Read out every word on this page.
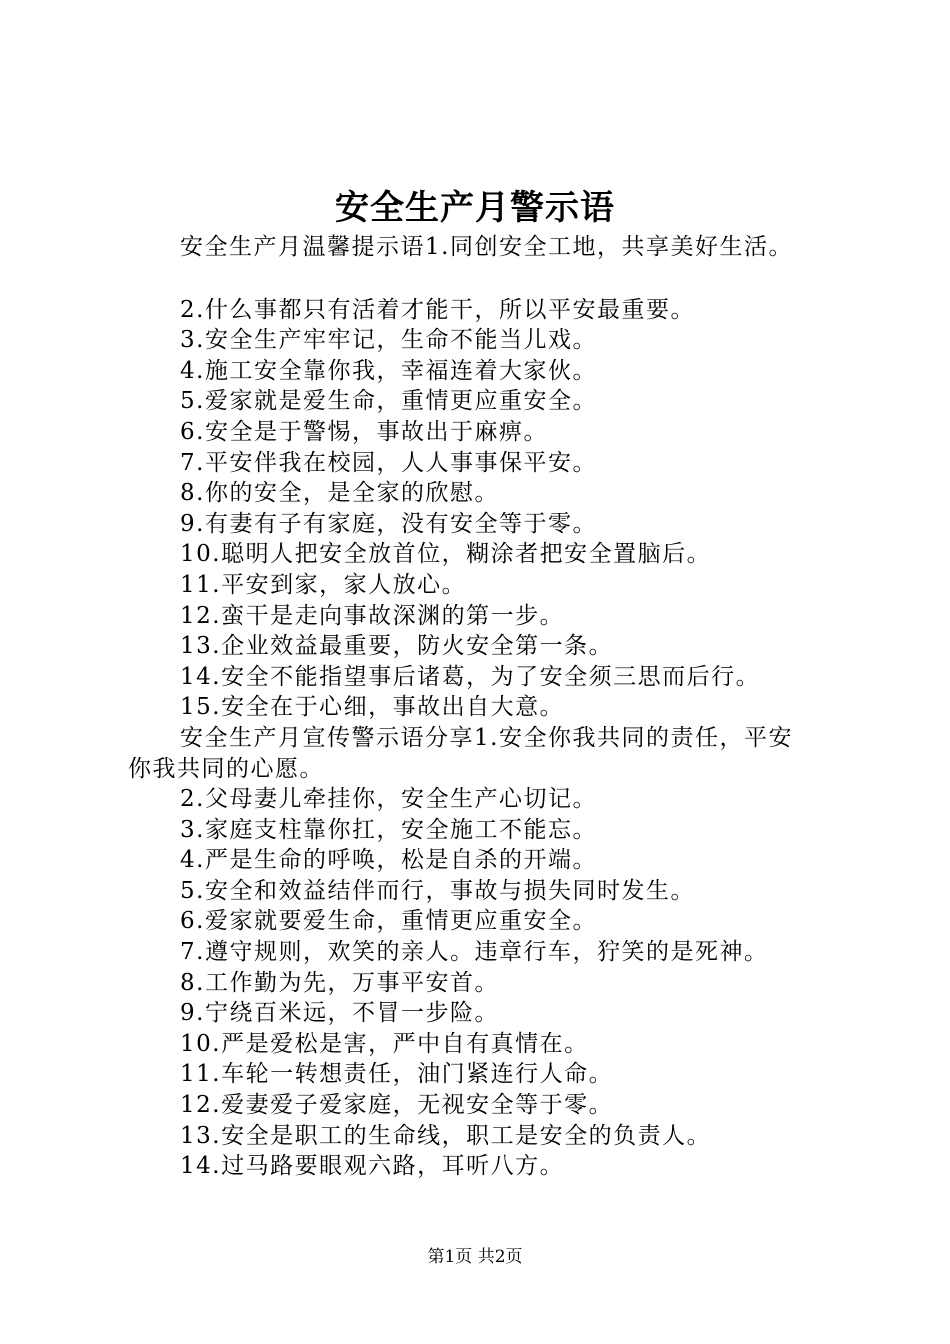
安全生产月警示语

安全生产月温馨提示语1.同创安全工地，共享美好生活。

2.什么事都只有活着才能干，所以平安最重要。

3.安全生产牢牢记，生命不能当儿戏。

4.施工安全靠你我，幸福连着大家伙。

5.爱家就是爱生命，重情更应重安全。

6.安全是于警惕，事故出于麻痹。

7.平安伴我在校园，人人事事保平安。

8.你的安全，是全家的欣慰。

9.有妻有子有家庭，没有安全等于零。

10.聪明人把安全放首位，糊涂者把安全置脑后。

11.平安到家，家人放心。

12.蛮干是走向事故深渊的第一步。

13.企业效益最重要，防火安全第一条。

14.安全不能指望事后诸葛，为了安全须三思而后行。

15.安全在于心细，事故出自大意。

安全生产月宣传警示语分享1.安全你我共同的责任，平安

你我共同的心愿。

2.父母妻儿牵挂你，安全生产心切记。

3.家庭支柱靠你扛，安全施工不能忘。

4.严是生命的呼唤，松是自杀的开端。

5.安全和效益结伴而行，事故与损失同时发生。

6.爱家就要爱生命，重情更应重安全。

7.遵守规则，欢笑的亲人。违章行车，狞笑的是死神。

8.工作勤为先，万事平安首。

9.宁绕百米远，不冒一步险。

10.严是爱松是害，严中自有真情在。

11.车轮一转想责任，油门紧连行人命。

12.爱妻爱子爱家庭，无视安全等于零。

13.安全是职工的生命线，职工是安全的负责人。

14.过马路要眼观六路，耳听八方。

第1页 共2页
